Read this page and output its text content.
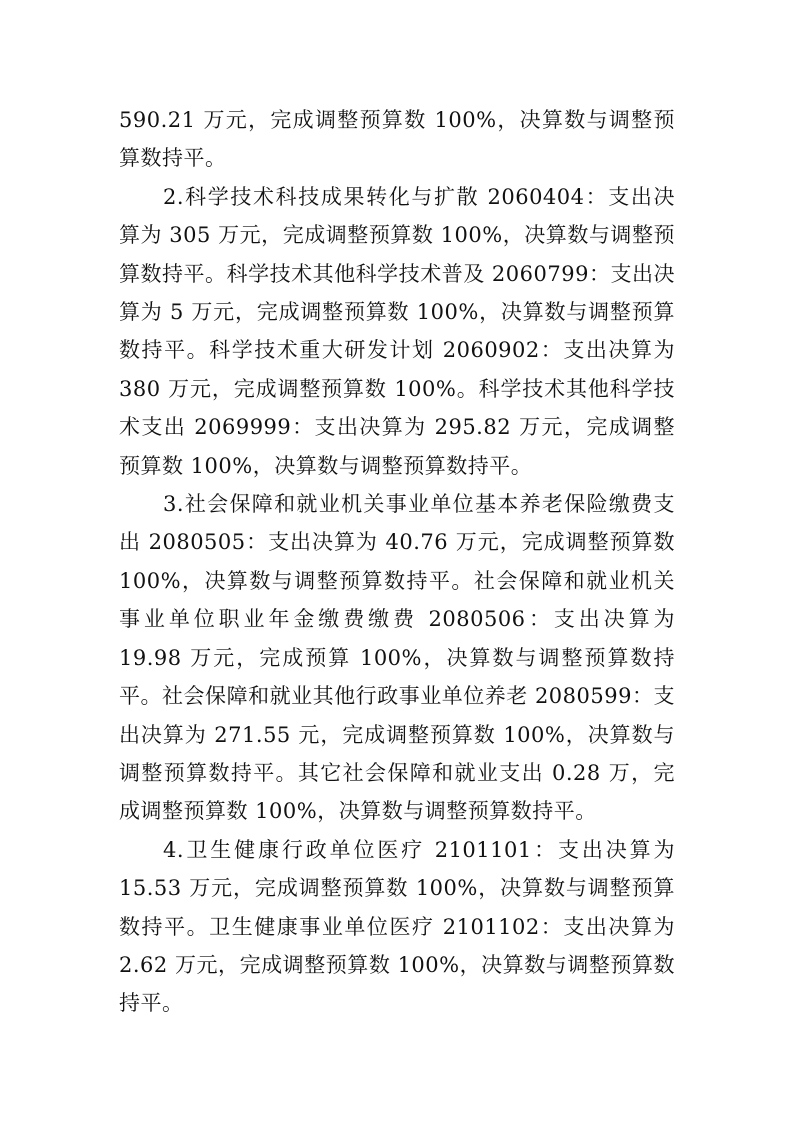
590.21 万元，完成调整预算数 100%，决算数与调整预算数持平。

2.科学技术科技成果转化与扩散 2060404：支出决算为 305 万元，完成调整预算数 100%，决算数与调整预算数持平。科学技术其他科学技术普及 2060799：支出决算为 5 万元，完成调整预算数 100%，决算数与调整预算数持平。科学技术重大研发计划 2060902：支出决算为 380 万元，完成调整预算数 100%。科学技术其他科学技术支出 2069999：支出决算为 295.82 万元，完成调整预算数 100%，决算数与调整预算数持平。

3.社会保障和就业机关事业单位基本养老保险缴费支出 2080505：支出决算为 40.76 万元，完成调整预算数 100%，决算数与调整预算数持平。社会保障和就业机关事业单位职业年金缴费缴费 2080506：支出决算为 19.98 万元，完成预算 100%，决算数与调整预算数持平。社会保障和就业其他行政事业单位养老 2080599：支出决算为 271.55 元，完成调整预算数 100%，决算数与调整预算数持平。其它社会保障和就业支出 0.28 万，完成调整预算数 100%，决算数与调整预算数持平。

4.卫生健康行政单位医疗 2101101：支出决算为 15.53 万元，完成调整预算数 100%，决算数与调整预算数持平。卫生健康事业单位医疗 2101102：支出决算为 2.62 万元，完成调整预算数 100%，决算数与调整预算数持平。
